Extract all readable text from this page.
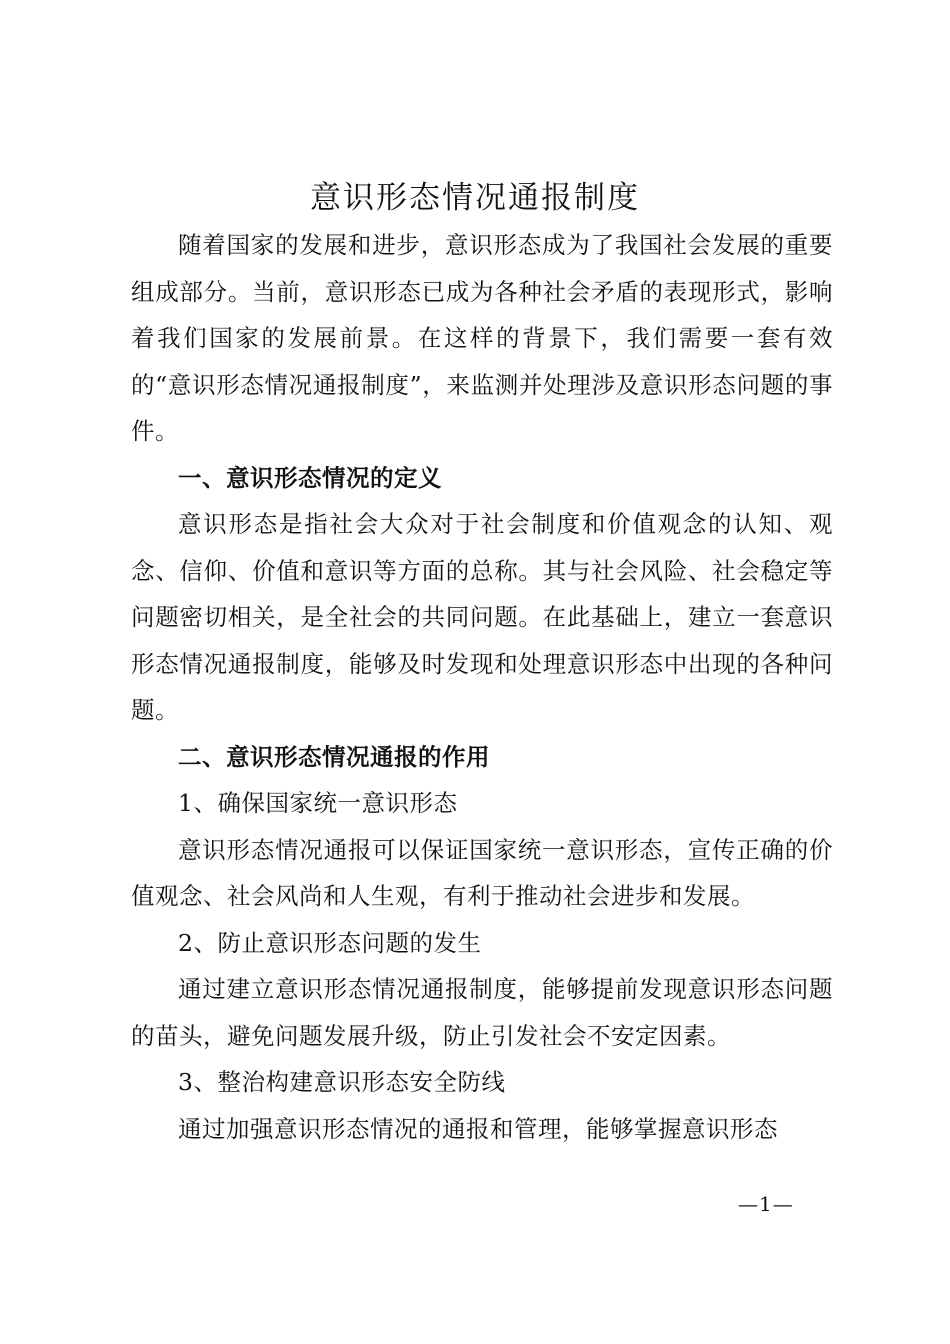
意识形态情况通报制度

随着国家的发展和进步，意识形态成为了我国社会发展的重要组成部分。当前，意识形态已成为各种社会矛盾的表现形式，影响着我们国家的发展前景。在这样的背景下，我们需要一套有效的“意识形态情况通报制度”，来监测并处理涉及意识形态问题的事件。

一、意识形态情况的定义

意识形态是指社会大众对于社会制度和价值观念的认知、观念、信仰、价值和意识等方面的总称。其与社会风险、社会稳定等问题密切相关，是全社会的共同问题。在此基础上，建立一套意识形态情况通报制度，能够及时发现和处理意识形态中出现的各种问题。

二、意识形态情况通报的作用

1、确保国家统一意识形态

意识形态情况通报可以保证国家统一意识形态，宣传正确的价值观念、社会风尚和人生观，有利于推动社会进步和发展。

2、防止意识形态问题的发生

通过建立意识形态情况通报制度，能够提前发现意识形态问题的苗头，避免问题发展升级，防止引发社会不安定因素。

3、整治构建意识形态安全防线

通过加强意识形态情况的通报和管理，能够掌握意识形态

—1—
